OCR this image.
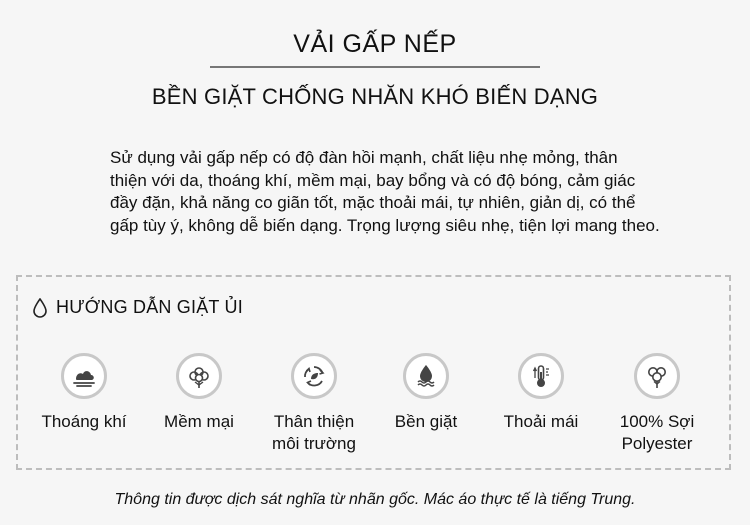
VẢI GẤP NẾP
BỀN GIẶT CHỐNG NHĂN KHÓ BIẾN DẠNG

Sử dụng vải gấp nếp có độ đàn hồi mạnh, chất liệu nhẹ mỏng, thân

thiện với da, thoáng khí, mềm mại, bay bổng và có độ bóng, cảm giác

đầy đặn, khả năng co giãn tốt, mặc thoải mái, tự nhiên, giản dị, có thể

gấp tùy ý, không dễ biến dạng. Trọng lượng siêu nhẹ, tiện lợi mang theo.

HƯỚNG DẪN GIẶT ỦI
Thoáng khí	Mềm mại	Thân thiện
môi trường
Bền giặt	Thoải mái	100% Sợi
Polyester
Thông tin được dịch sát nghĩa từ nhãn gốc. Mác áo thực tế là tiếng Trung.
